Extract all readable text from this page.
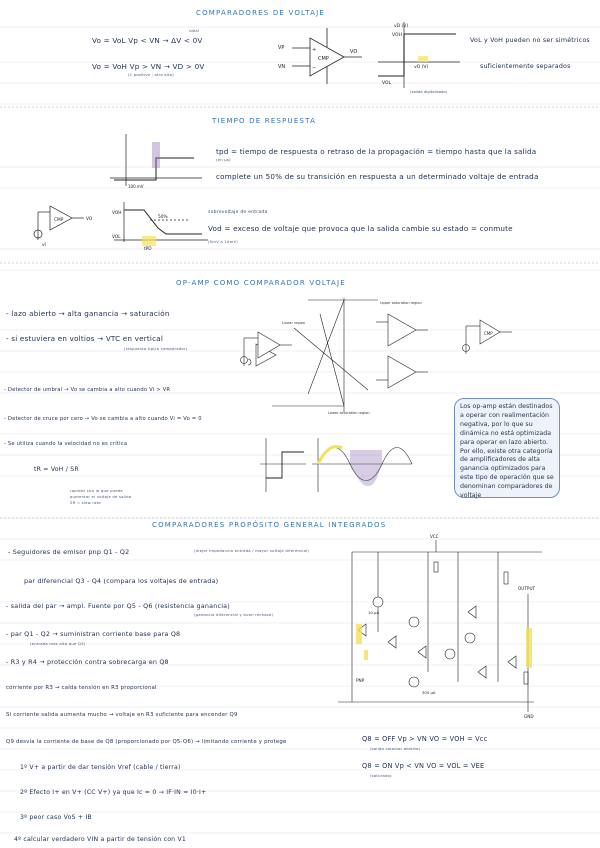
COMPARADORES DE VOLTAJE
Vo = VoL Vp < VN → ΔV < 0V
ideal
Vo = VoH Vp > VN → VD > 0V
(1 positivo ; otro alto)
+
−
CMP
VP
VN
VO
vD (V)
vO (V)
VOH
VOL
(salida digitalizada)
VoL y VoH pueden no ser simétricos
suficientemente separados
TIEMPO DE RESPUESTA
100 mV
tpd = tiempo de respuesta o retraso de la propagación = tiempo hasta que la salida
(en μs)
complete un 50% de su transición en respuesta a un determinado voltaje de entrada
CMP	VO
vI
VOH
VOL
50%
tPD
sobrevoltaje de entrada
Vod = exceso de voltaje que provoca que la salida cambie su estado = conmute
(5mV a 10mV)
OP-AMP COMO COMPARADOR VOLTAJE
- lazo abierto → alta ganancia → saturación
- si estuviera en voltios → VTC en vertical
(respuesta típica comparador)
- Detector de umbral → Vo se cambia a alto cuando Vi > VR
- Detector de cruce por cero → Vo se cambia a alto cuando Vi = Vo = 0
- Se utiliza cuando la velocidad no es crítica
Upper saturation region
Linear region
Lower saturation region
CMP
Los op-amp están destinados a operar con realimentación negativa, por lo que su dinámica no está optimizada para operar en lazo abierto. Por ello, existe otra categoría de amplificadores de alta ganancia optimizados para este tipo de operación que se denominan comparadores de voltaje
tR = VoH / SR
rapidez con la que puede
aumentar el voltaje de salida
SR = slew rate
COMPARADORES PROPÓSITO GENERAL INTEGRADOS
- Seguidores de emisor pnp Q1 - Q2	(mejor impedancia entrada / mayor voltaje diferencial)
par diferencial Q3 - Q4 (compara los voltajes de entrada)
- salida del par → ampl. Fuente por Q5 - Q6 (resistencia ganancia)
(ganancia diferencial y buen rechazo)
- par Q1 - Q2 → suministran corriente base para Q8
(entrada más alta que Q3)
- R3 y R4 → protección contra sobrecarga en Q8
corriente por R3 → caída tensión en R3 proporcional
Si corriente salida aumenta mucho → voltaje en R3 suficiente para encender Q9
Q9 desvía la corriente de base de Q8 (proporcionado por Q5-Q6) → limitando corriente y protege
1º V+ a partir de dar tensión Vref (cable / tierra)
2º Efecto I+ en V+ (CC V+) ya que Ic = 0 → IF·IN = I0·I+
3º peor caso VoS + IB
4º calcular verdadero VIN a partir de tensión con V1
VCC
OUTPUT
GND
PNP
10 μA
300 μA
Q8 = OFF Vp > VN VO = VOH = Vcc
(salida colector abierto)
Q8 = ON Vp < VN VO = VOL = VEE
(saturado)
